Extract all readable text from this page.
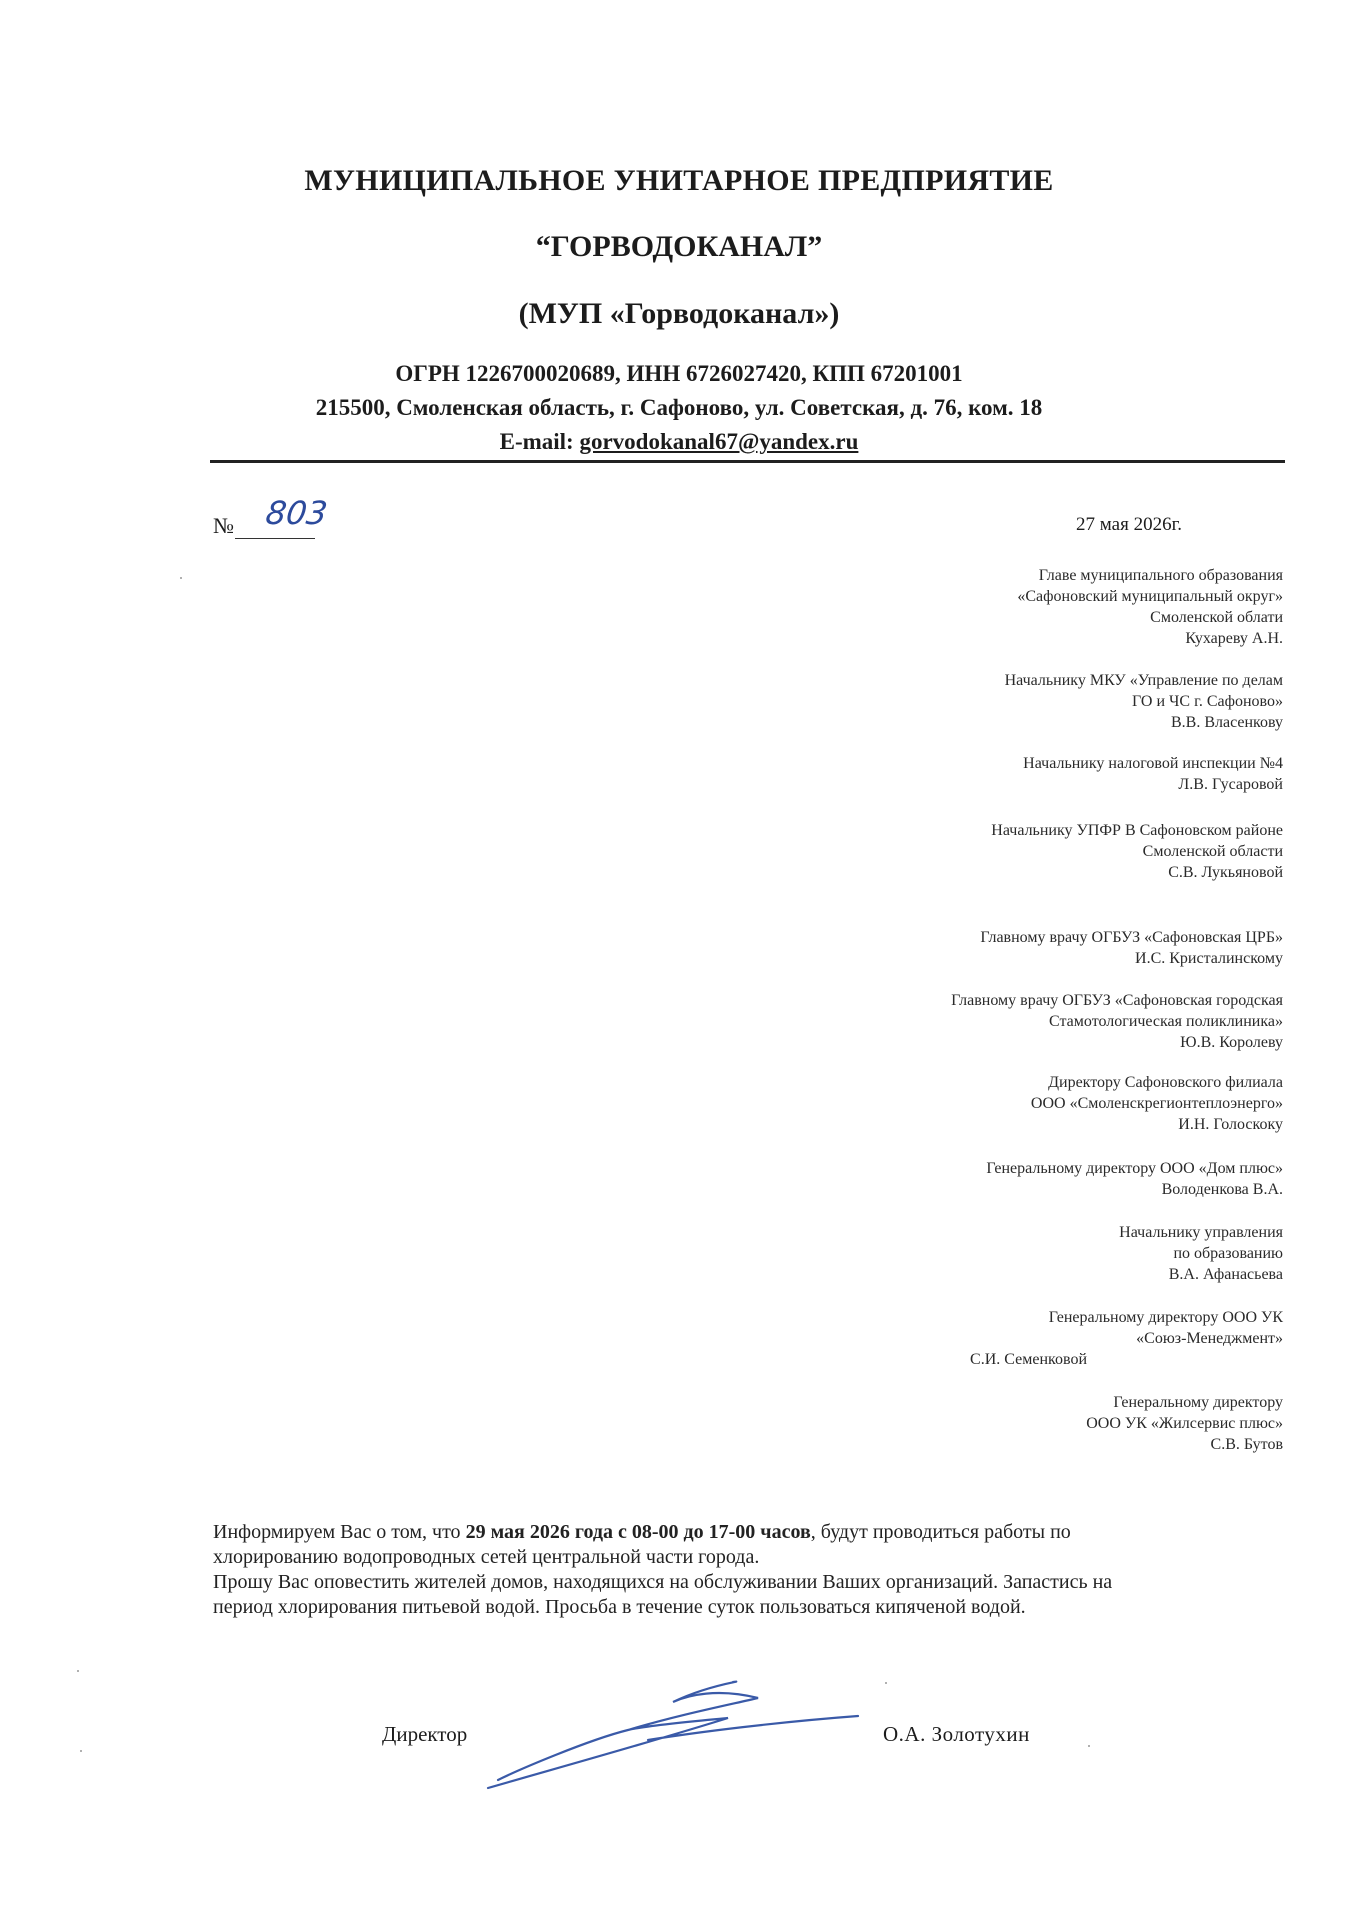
МУНИЦИПАЛЬНОЕ УНИТАРНОЕ ПРЕДПРИЯТИЕ
“ГОРВОДОКАНАЛ”
(МУП «Горводоканал»)
ОГРН 1226700020689, ИНН 6726027420, КПП 67201001
215500, Смоленская область, г. Сафоново, ул. Советская, д. 76, ком. 18
E-mail: gorvodokanal67@yandex.ru
№ 803	27 мая 2026г.
Главе муниципального образования
«Сафоновский муниципальный округ»
Смоленской облати
Кухареву А.Н.
Начальнику МКУ «Управление по делам
ГО и ЧС г. Сафоново»
В.В. Власенкову
Начальнику налоговой инспекции №4
Л.В. Гусаровой
Начальнику УПФР В Сафоновском районе
Смоленской области
С.В. Лукьяновой
Главному врачу ОГБУЗ «Сафоновская ЦРБ»
И.С. Кристалинскому
Главному врачу ОГБУЗ «Сафоновская городская
Стамотологическая поликлиника»
Ю.В. Королеву
Директору Сафоновского филиала
ООО «Смоленскрегионтеплоэнерго»
И.Н. Голоскоку
Генеральному директору ООО «Дом плюс»
Володенкова В.А.
Начальнику управления
по образованию
В.А. Афанасьева
Генеральному директору ООО УК
«Союз-Менеджмент»
С.И. Семенковой
Генеральному директору
ООО УК «Жилсервис плюс»
С.В. Бутов

Информируем Вас о том, что 29 мая 2026 года с 08-00 до 17-00 часов, будут проводиться работы по

хлорированию водопроводных сетей центральной части города.

Прошу Вас оповестить жителей домов, находящихся на обслуживании Ваших организаций. Запастись на

период хлорирования питьевой водой. Просьба в течение суток пользоваться кипяченой водой.

Директор	О.А. Золотухин
